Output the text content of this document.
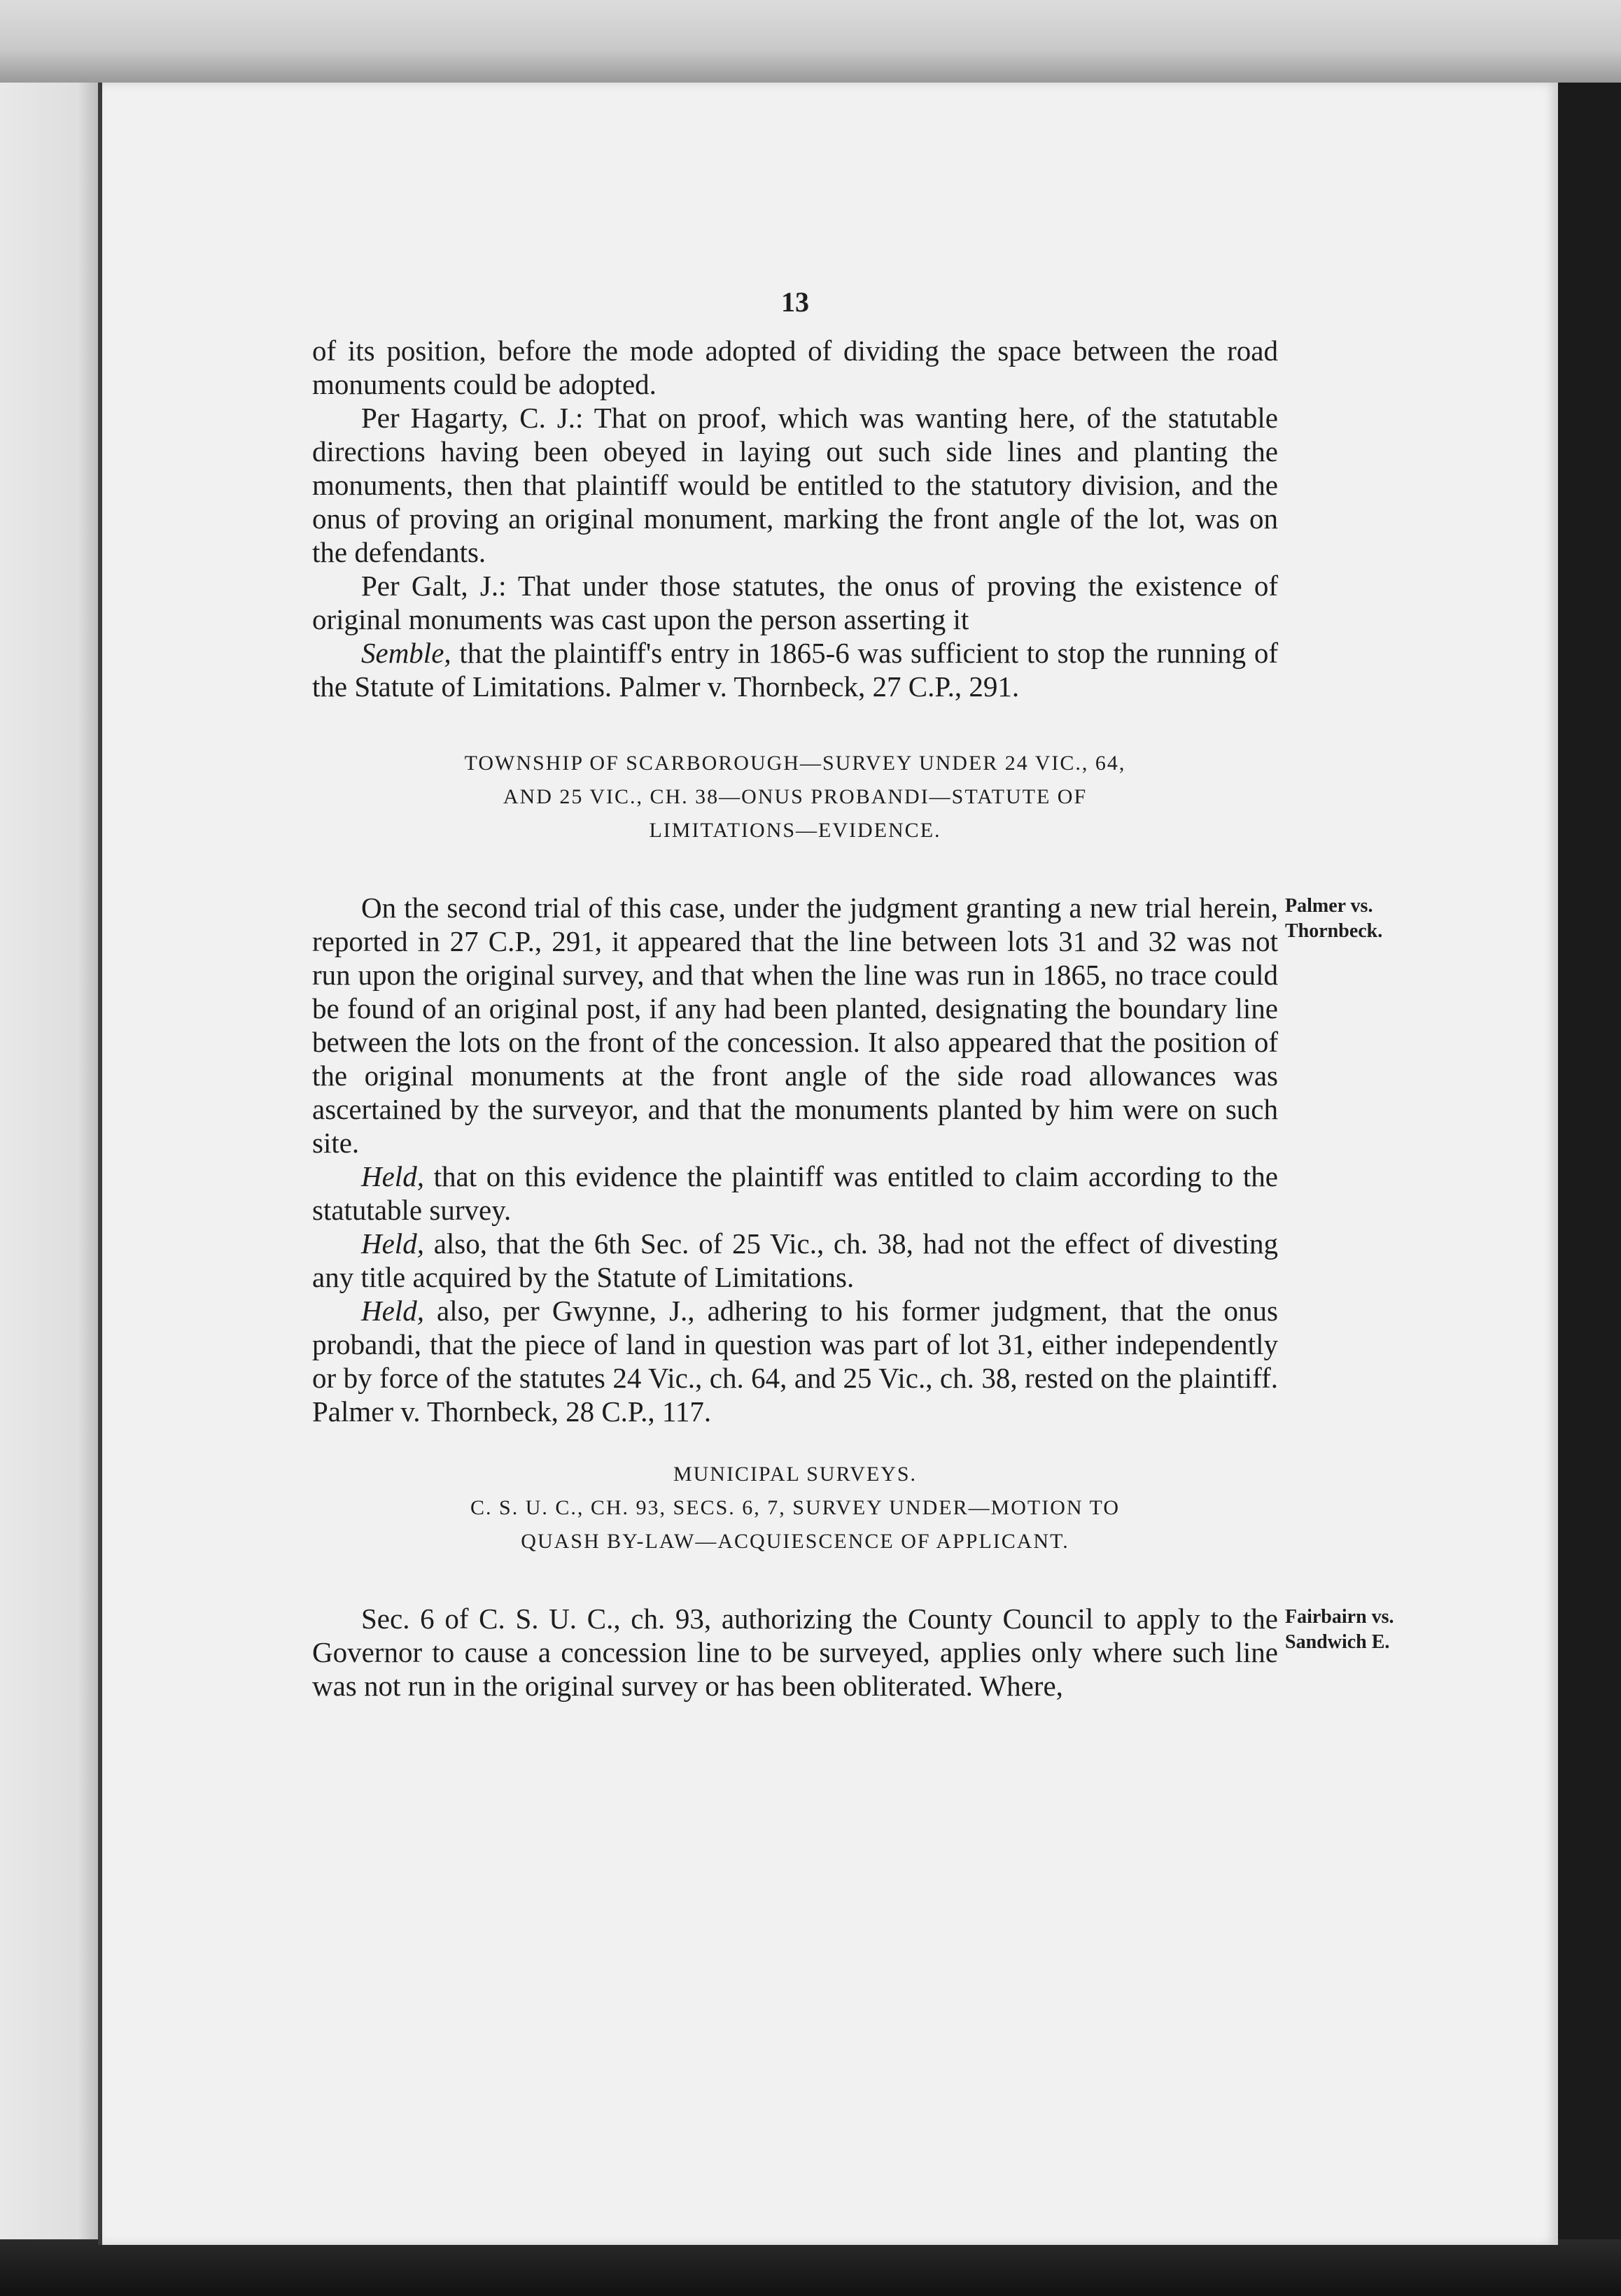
13

of its position, before the mode adopted of dividing the space between the road monuments could be adopted.

Per Hagarty, C. J.: That on proof, which was wanting here, of the statutable directions having been obeyed in laying out such side lines and planting the monuments, then that plaintiff would be entitled to the statutory division, and the onus of proving an original monument, marking the front angle of the lot, was on the defendants.

Per Galt, J.: That under those statutes, the onus of proving the existence of original monuments was cast upon the person asserting it

Semble, that the plaintiff's entry in 1865-6 was sufficient to stop the running of the Statute of Limitations. Palmer v. Thornbeck, 27 C.P., 291.

TOWNSHIP OF SCARBOROUGH—SURVEY UNDER 24 VIC., 64,
AND 25 VIC., CH. 38—ONUS PROBANDI—STATUTE OF
LIMITATIONS—EVIDENCE.
Palmer vs.
Thornbeck.

On the second trial of this case, under the judgment granting a new trial herein, reported in 27 C.P., 291, it appeared that the line between lots 31 and 32 was not run upon the original survey, and that when the line was run in 1865, no trace could be found of an original post, if any had been planted, designating the boundary line between the lots on the front of the concession. It also appeared that the position of the original monuments at the front angle of the side road allowances was ascertained by the surveyor, and that the monuments planted by him were on such site.

Held, that on this evidence the plaintiff was entitled to claim according to the statutable survey.

Held, also, that the 6th Sec. of 25 Vic., ch. 38, had not the effect of divesting any title acquired by the Statute of Limitations.

Held, also, per Gwynne, J., adhering to his former judgment, that the onus probandi, that the piece of land in question was part of lot 31, either independently or by force of the statutes 24 Vic., ch. 64, and 25 Vic., ch. 38, rested on the plaintiff. Palmer v. Thornbeck, 28 C.P., 117.

MUNICIPAL SURVEYS.
C. S. U. C., CH. 93, SECS. 6, 7, SURVEY UNDER—MOTION TO
QUASH BY-LAW—ACQUIESCENCE OF APPLICANT.
Fairbairn vs.
Sandwich E.

Sec. 6 of C. S. U. C., ch. 93, authorizing the County Council to apply to the Governor to cause a concession line to be surveyed, applies only where such line was not run in the original survey or has been obliterated. Where,
